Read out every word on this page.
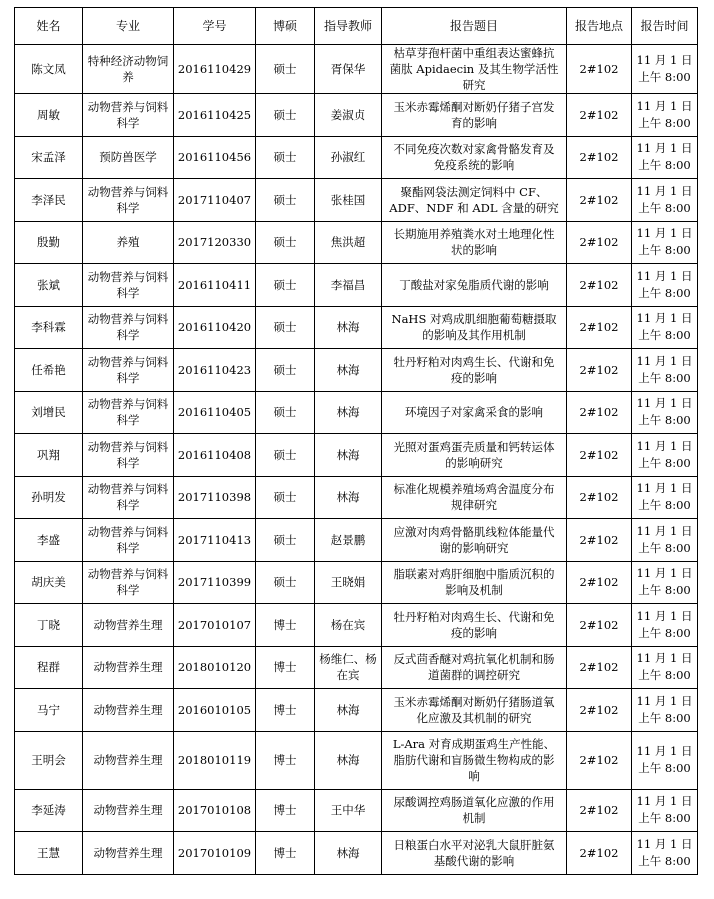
姓名	专业	学号	博硕	指导教师	报告题目	报告地点	报告时间
陈文凤	特种经济动物饲养	2016110429	硕士	胥保华	枯草芽孢杆菌中重组表达蜜蜂抗菌肽 Apidaecin 及其生物学活性研究	2#102	11 月 1 日
上午 8:00

周敏	动物营养与饲料科学	2016110425	硕士	姜淑贞	玉米赤霉烯酮对断奶仔猪子宫发育的影响	2#102	11 月 1 日
上午 8:00

宋孟泽	预防兽医学	2016110456	硕士	孙淑红	不同免疫次数对家禽骨骼发育及免疫系统的影响	2#102	11 月 1 日
上午 8:00

李泽民	动物营养与饲料科学	2017110407	硕士	张桂国	聚酯网袋法测定饲料中 CF、ADF、NDF 和 ADL 含量的研究	2#102	11 月 1 日
上午 8:00

殷勤	养殖	2017120330	硕士	焦洪超	长期施用养殖粪水对土地理化性状的影响	2#102	11 月 1 日
上午 8:00

张斌	动物营养与饲料科学	2016110411	硕士	李福昌	丁酸盐对家兔脂质代谢的影响	2#102	11 月 1 日
上午 8:00

李科霖	动物营养与饲料科学	2016110420	硕士	林海	NaHS 对鸡成肌细胞葡萄糖摄取的影响及其作用机制	2#102	11 月 1 日
上午 8:00

任希艳	动物营养与饲料科学	2016110423	硕士	林海	牡丹籽粕对肉鸡生长、代谢和免疫的影响	2#102	11 月 1 日
上午 8:00

刘增民	动物营养与饲料科学	2016110405	硕士	林海	环境因子对家禽采食的影响	2#102	11 月 1 日
上午 8:00

巩翔	动物营养与饲料科学	2016110408	硕士	林海	光照对蛋鸡蛋壳质量和钙转运体的影响研究	2#102	11 月 1 日
上午 8:00

孙明发	动物营养与饲料科学	2017110398	硕士	林海	标准化规模养殖场鸡舍温度分布规律研究	2#102	11 月 1 日
上午 8:00

李盛	动物营养与饲料科学	2017110413	硕士	赵景鹏	应激对肉鸡骨骼肌线粒体能量代谢的影响研究	2#102	11 月 1 日
上午 8:00

胡庆美	动物营养与饲料科学	2017110399	硕士	王晓娟	脂联素对鸡肝细胞中脂质沉积的影响及机制	2#102	11 月 1 日
上午 8:00

丁晓	动物营养生理	2017010107	博士	杨在宾	牡丹籽粕对肉鸡生长、代谢和免疫的影响	2#102	11 月 1 日
上午 8:00

程群	动物营养生理	2018010120	博士	杨维仁、杨在宾	反式茴香醚对鸡抗氧化机制和肠道菌群的调控研究	2#102	11 月 1 日
上午 8:00

马宁	动物营养生理	2016010105	博士	林海	玉米赤霉烯酮对断奶仔猪肠道氧化应激及其机制的研究	2#102	11 月 1 日
上午 8:00

王明会	动物营养生理	2018010119	博士	林海	L-Ara 对育成期蛋鸡生产性能、脂肪代谢和盲肠微生物构成的影响	2#102	11 月 1 日
上午 8:00

李延涛	动物营养生理	2017010108	博士	王中华	尿酸调控鸡肠道氧化应激的作用机制	2#102	11 月 1 日
上午 8:00

王慧	动物营养生理	2017010109	博士	林海	日粮蛋白水平对泌乳大鼠肝脏氨基酸代谢的影响	2#102	11 月 1 日
上午 8:00
